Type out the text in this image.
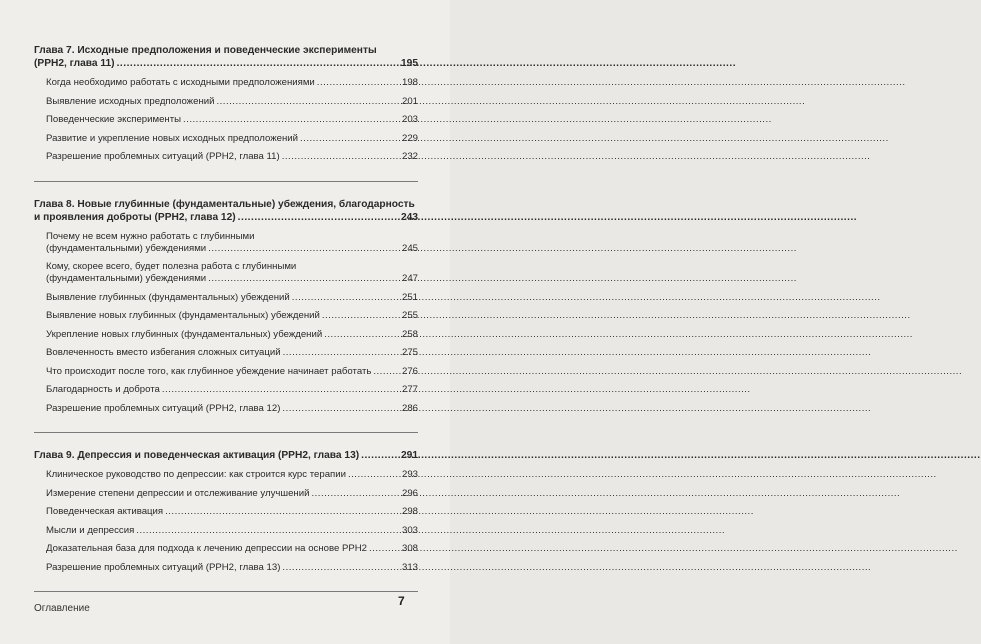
Глава 7. Исходные предположения и поведенческие эксперименты
(РРН2, глава 11) .....	195
Когда необходимо работать с исходными предположениями .....	198
Выявление исходных предположений .....	201
Поведенческие эксперименты .....	203
Развитие и укрепление новых исходных предположений .....	229
Разрешение проблемных ситуаций (РРН2, глава 11) .....	232
Глава 8. Новые глубинные (фундаментальные) убеждения, благодарность
и проявления доброты (РРН2, глава 12) .....	243
Почему не всем нужно работать с глубинными
(фундаментальными) убеждениями .....	245
Кому, скорее всего, будет полезна работа с глубинными
(фундаментальными) убеждениями .....	247
Выявление глубинных (фундаментальных) убеждений .....	251
Выявление новых глубинных (фундаментальных) убеждений .....	255
Укрепление новых глубинных (фундаментальных) убеждений .....	258
Вовлеченность вместо избегания сложных ситуаций .....	275
Что происходит после того, как глубинное убеждение начинает работать .....	276
Благодарность и доброта .....	277
Разрешение проблемных ситуаций (РРН2, глава 12) .....	286
Глава 9. Депрессия и поведенческая активация (РРН2, глава 13) .....	291
Клиническое руководство по депрессии: как строится курс терапии .....	293
Измерение степени депрессии и отслеживание улучшений .....	296
Поведенческая активация .....	298
Мысли и депрессия .....	303
Доказательная база для подхода к лечению депрессии на основе РРН2 .....	308
Разрешение проблемных ситуаций (РРН2, глава 13) .....	313
Оглавление
7
